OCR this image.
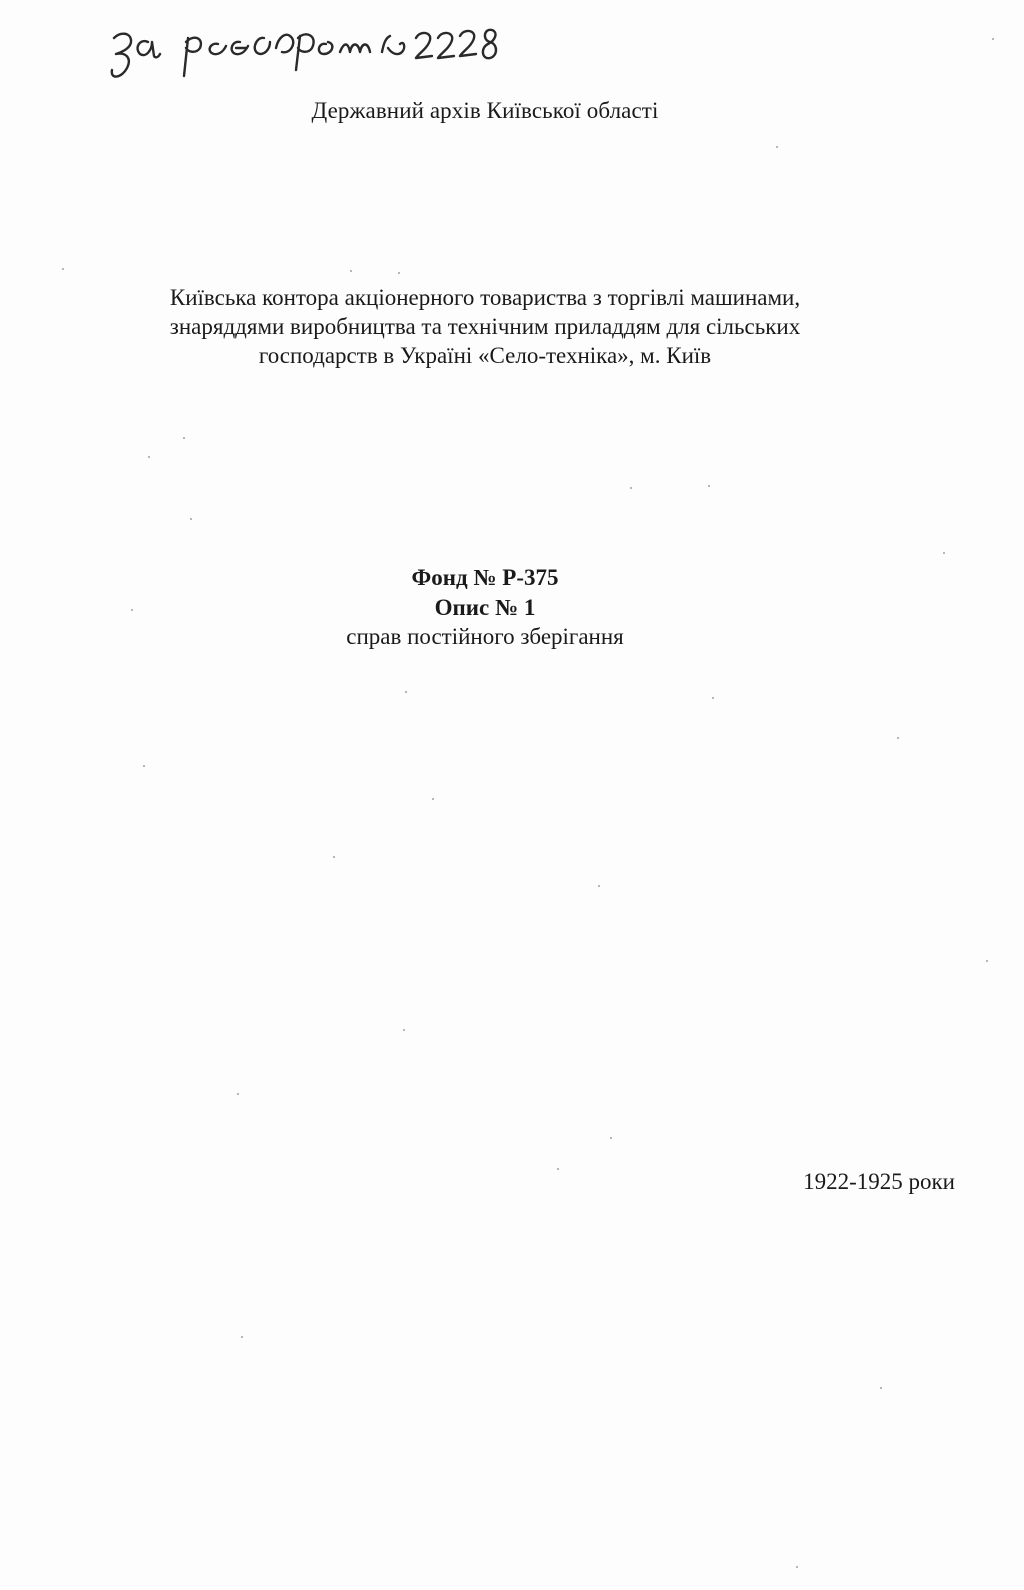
Державний архів Київської області
Київська контора акціонерного товариства з торгівлі машинами,
знаряддями виробництва та технічним приладдям для сільських
господарств в Україні «Село-техніка», м. Київ
Фонд № Р-375
Опис № 1
справ постійного зберігання
1922-1925 роки
